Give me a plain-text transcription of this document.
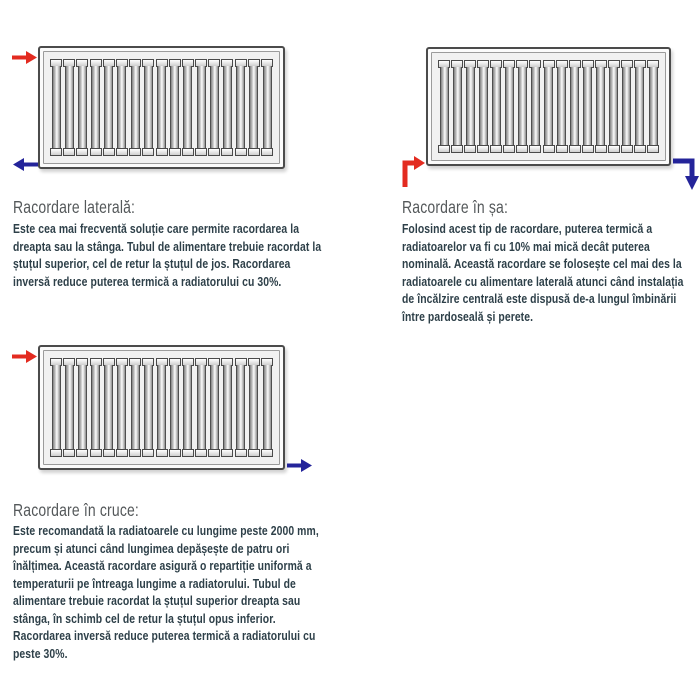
Racordare laterală:
Este cea mai frecventă soluție care permite racordarea la dreapta sau la stânga. Tubul de alimentare trebuie racordat la ștuțul superior, cel de retur la ștuțul de jos. Racordarea inversă reduce puterea termică a radiatorului cu 30%.
Racordare în șa:
Folosind acest tip de racordare, puterea termică a radiatoarelor va fi cu 10% mai mică decât puterea nominală. Această racordare se folosește cel mai des la radiatoarele cu alimentare laterală atunci când instalația de încălzire centrală este dispusă de-a lungul îmbinării între pardoseală și perete.
Racordare în cruce:
Este recomandată la radiatoarele cu lungime peste 2000 mm, precum și atunci când lungimea depășește de patru ori înălțimea. Această racordare asigură o repartiție uniformă a temperaturii pe întreaga lungime a radiatorului. Tubul de alimentare trebuie racordat la ștuțul superior dreapta sau stânga, în schimb cel de retur la ștuțul opus inferior. Racordarea inversă reduce puterea termică a radiatorului cu peste 30%.
